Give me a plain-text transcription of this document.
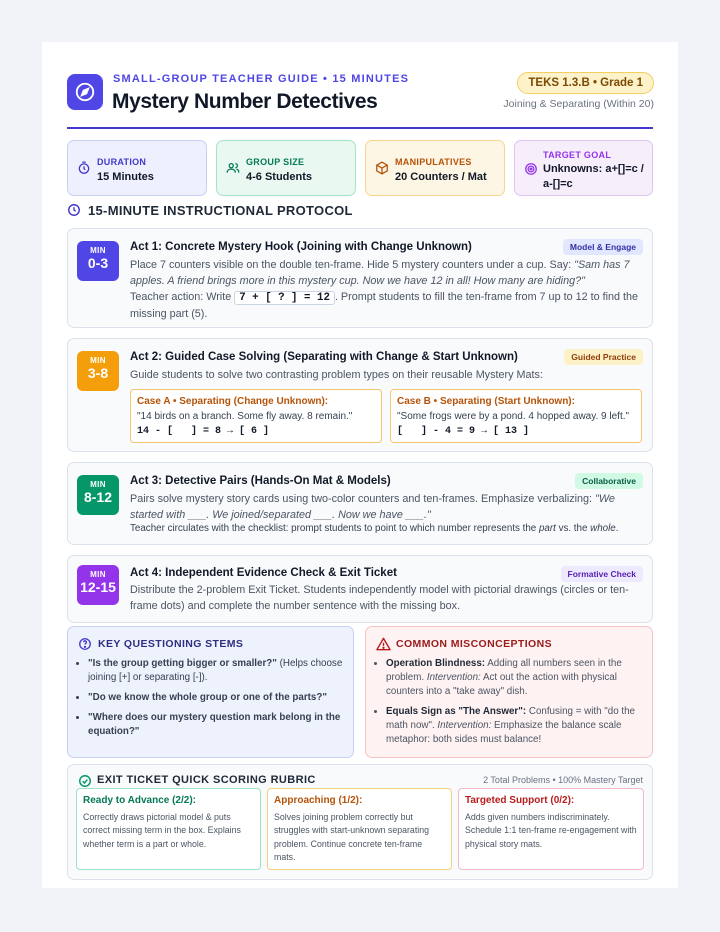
SMALL-GROUP TEACHER GUIDE • 15 MINUTES
Mystery Number Detectives
TEKS 1.3.B • Grade 1
Joining & Separating (Within 20)
DURATION
15 Minutes
GROUP SIZE
4-6 Students
MANIPULATIVES
20 Counters / Mat
TARGET GOAL
Unknowns: a+[]=c /
a-[]=c
15-MINUTE INSTRUCTIONAL PROTOCOL
MIN
0-3
Act 1: Concrete Mystery Hook (Joining with Change Unknown)	Model & Engage
Place 7 counters visible on the double ten-frame. Hide 5 mystery counters under a cup. Say: "Sam has 7 apples. A friend brings more in this mystery cup. Now we have 12 in all! How many are hiding?"
Teacher action: Write 7 + [ ? ] = 12 . Prompt students to fill the ten-frame from 7 up to 12 to find the missing part (5).
MIN
3-8
Act 2: Guided Case Solving (Separating with Change & Start Unknown)	Guided Practice
Guide students to solve two contrasting problem types on their reusable Mystery Mats:
Case A • Separating (Change Unknown):
"14 birds on a branch. Some fly away. 8 remain."
14 - [   ] = 8 → [ 6 ]
Case B • Separating (Start Unknown):
"Some frogs were by a pond. 4 hopped away. 9 left."
[   ] - 4 = 9 → [ 13 ]
MIN
8-12
Act 3: Detective Pairs (Hands-On Mat & Models)	Collaborative
Pairs solve mystery story cards using two-color counters and ten-frames. Emphasize verbalizing: "We started with ___. We joined/separated ___. Now we have ___."
Teacher circulates with the checklist: prompt students to point to which number represents the part vs. the whole.
MIN
12-15
Act 4: Independent Evidence Check & Exit Ticket	Formative Check
Distribute the 2-problem Exit Ticket. Students independently model with pictorial drawings (circles or ten-frame dots) and complete the number sentence with the missing box.
KEY QUESTIONING STEMS
• "Is the group getting bigger or smaller?" (Helps choose joining [+] or separating [-]).
• "Do we know the whole group or one of the parts?"
• "Where does our mystery question mark belong in the equation?"
COMMON MISCONCEPTIONS
• Operation Blindness: Adding all numbers seen in the problem. Intervention: Act out the action with physical counters into a "take away" dish.
• Equals Sign as "The Answer": Confusing = with "do the math now". Intervention: Emphasize the balance scale metaphor: both sides must balance!
EXIT TICKET QUICK SCORING RUBRIC	2 Total Problems • 100% Mastery Target
Ready to Advance (2/2):
Correctly draws pictorial model & puts correct missing term in the box. Explains whether term is a part or whole.
Approaching (1/2):
Solves joining problem correctly but struggles with start-unknown separating problem. Continue concrete ten-frame mats.
Targeted Support (0/2):
Adds given numbers indiscriminately. Schedule 1:1 ten-frame re-engagement with physical story mats.
